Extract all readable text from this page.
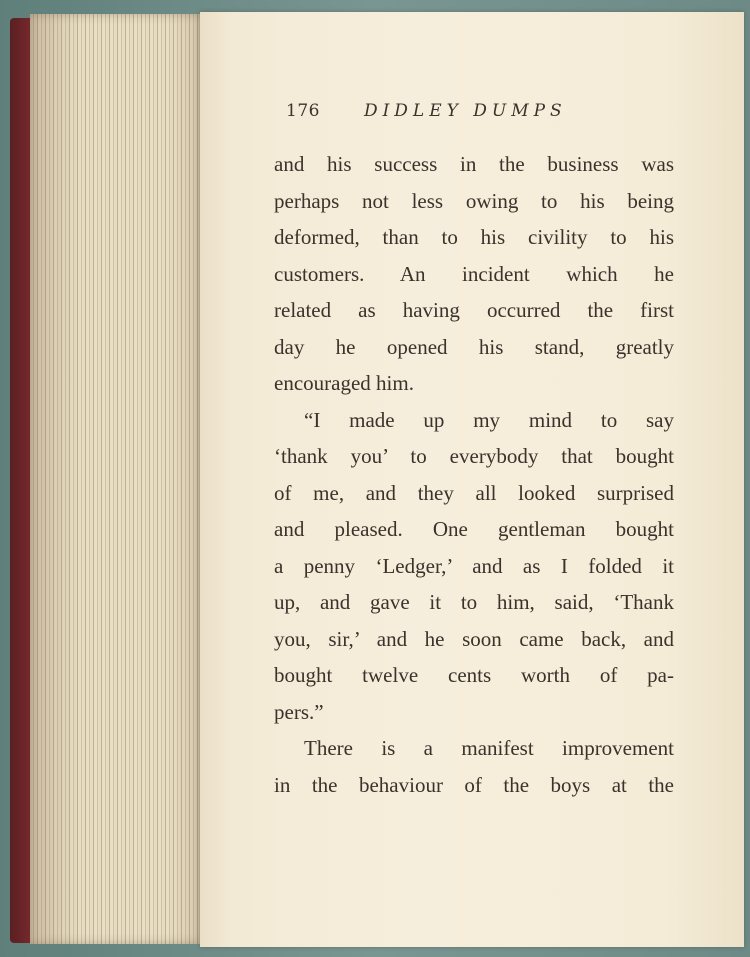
176	DIDLEY DUMPS
and his success in the business was
perhaps not less owing to his being
deformed, than to his civility to his
customers. An incident which he
related as having occurred the first
day he opened his stand, greatly
encouraged him.
“I made up my mind to say
‘thank you’ to everybody that bought
of me, and they all looked surprised
and pleased. One gentleman bought
a penny ‘Ledger,’ and as I folded it
up, and gave it to him, said, ‘Thank
you, sir,’ and he soon came back, and
bought twelve cents worth of pa-
pers.”
There is a manifest improvement
in the behaviour of the boys at the
